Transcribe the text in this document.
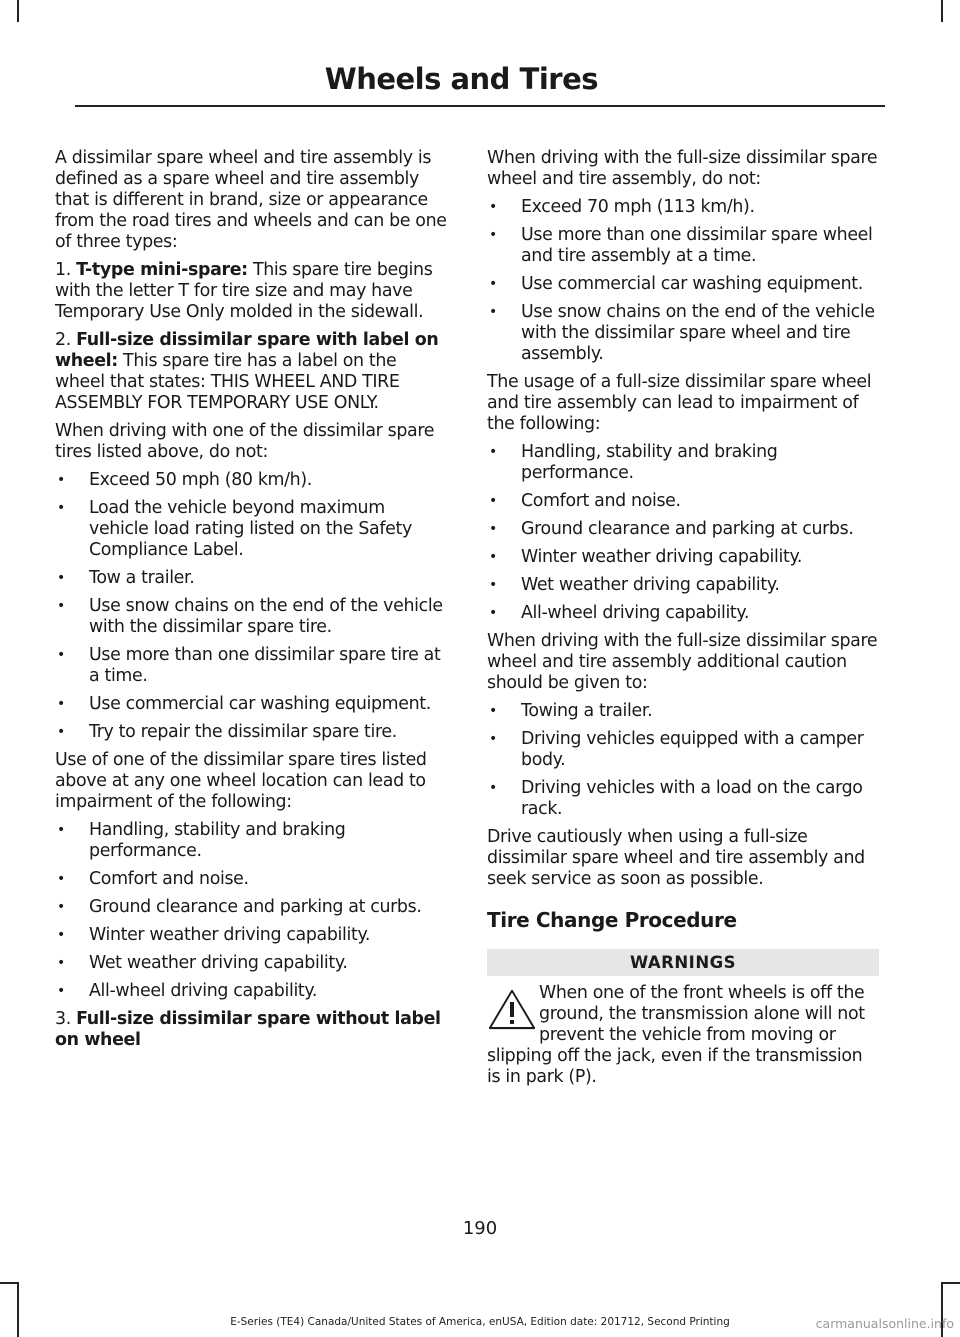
Wheels and Tires

A dissimilar spare wheel and tire assembly is defined as a spare wheel and tire assembly that is different in brand, size or appearance from the road tires and wheels and can be one of three types:

1. T-type mini-spare: This spare tire begins with the letter T for tire size and may have Temporary Use Only molded in the sidewall.

2. Full-size dissimilar spare with label on wheel: This spare tire has a label on the wheel that states: THIS WHEEL AND TIRE ASSEMBLY FOR TEMPORARY USE ONLY.

When driving with one of the dissimilar spare tires listed above, do not:

• Exceed 50 mph (80 km/h).
• Load the vehicle beyond maximum vehicle load rating listed on the Safety Compliance Label.
• Tow a trailer.
• Use snow chains on the end of the vehicle with the dissimilar spare tire.
• Use more than one dissimilar spare tire at a time.
• Use commercial car washing equipment.
• Try to repair the dissimilar spare tire.

Use of one of the dissimilar spare tires listed above at any one wheel location can lead to impairment of the following:

• Handling, stability and braking performance.
• Comfort and noise.
• Ground clearance and parking at curbs.
• Winter weather driving capability.
• Wet weather driving capability.
• All-wheel driving capability.

3. Full-size dissimilar spare without label on wheel

When driving with the full-size dissimilar spare wheel and tire assembly, do not:

• Exceed 70 mph (113 km/h).
• Use more than one dissimilar spare wheel and tire assembly at a time.
• Use commercial car washing equipment.
• Use snow chains on the end of the vehicle with the dissimilar spare wheel and tire assembly.

The usage of a full-size dissimilar spare wheel and tire assembly can lead to impairment of the following:

• Handling, stability and braking performance.
• Comfort and noise.
• Ground clearance and parking at curbs.
• Winter weather driving capability.
• Wet weather driving capability.
• All-wheel driving capability.

When driving with the full-size dissimilar spare wheel and tire assembly additional caution should be given to:

• Towing a trailer.
• Driving vehicles equipped with a camper body.
• Driving vehicles with a load on the cargo rack.

Drive cautiously when using a full-size dissimilar spare wheel and tire assembly and seek service as soon as possible.

Tire Change Procedure
WARNINGS
When one of the front wheels is off the ground, the transmission alone will not prevent the vehicle from moving or slipping off the jack, even if the transmission is in park (P).
190
E-Series (TE4) Canada/United States of America, enUSA, Edition date: 201712, Second Printing	carmanualsonline.info
